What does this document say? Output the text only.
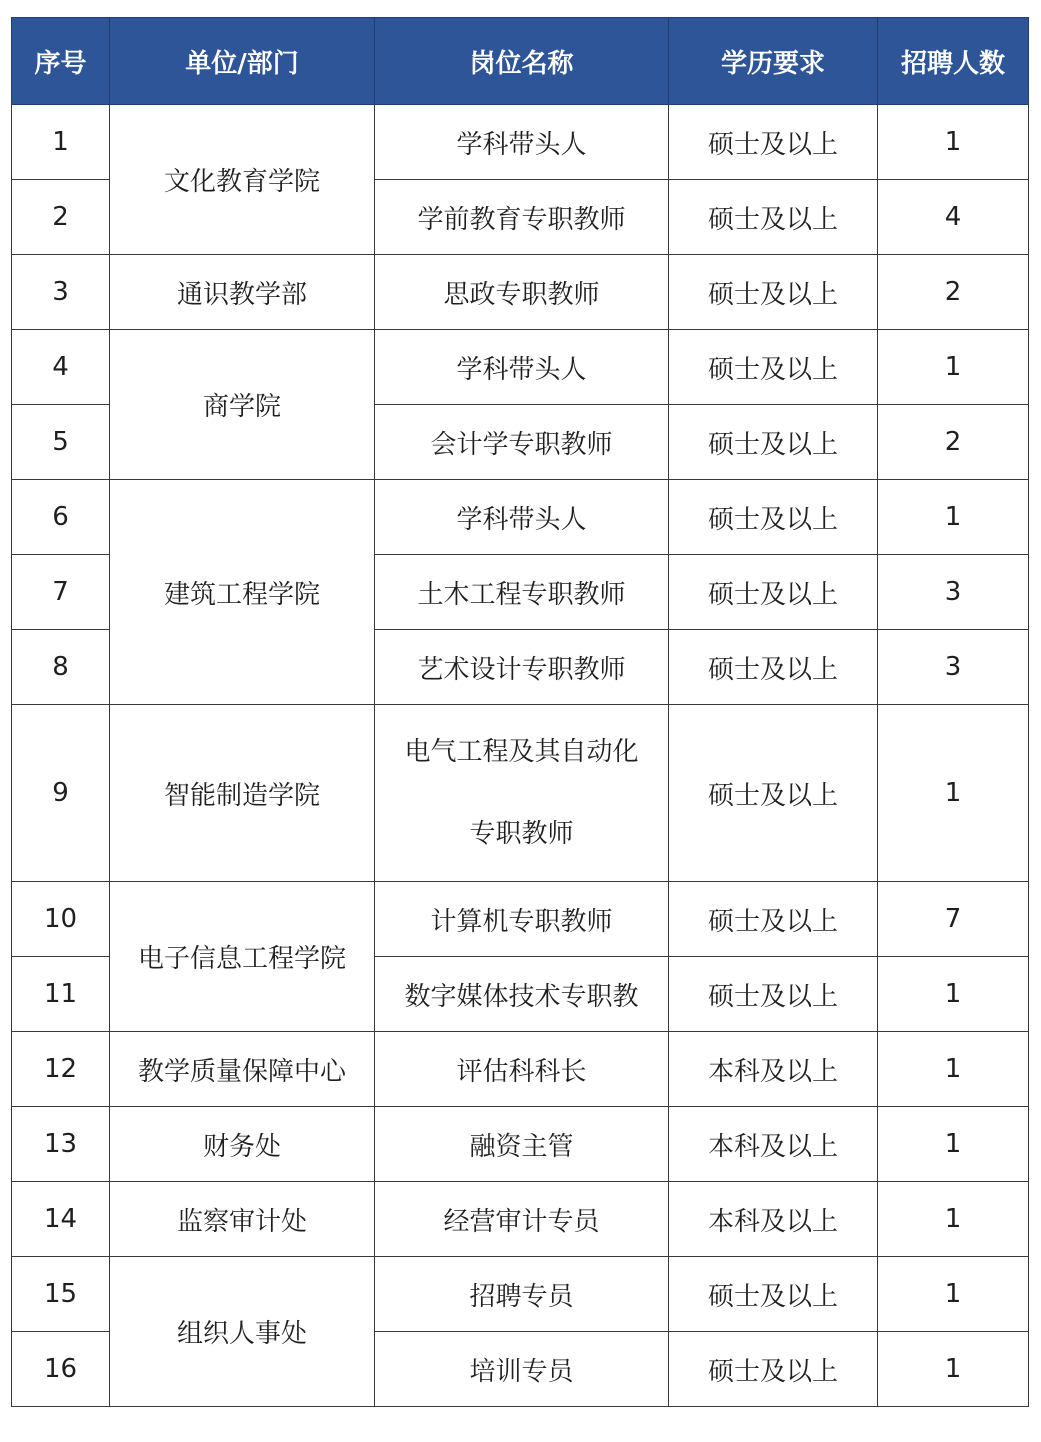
序号	单位/部门	岗位名称	学历要求	招聘人数
1	文化教育学院	学科带头人	硕士及以上	1
2		学前教育专职教师	硕士及以上	4
3	通识教学部	思政专职教师	硕士及以上	2
4	商学院	学科带头人	硕士及以上	1
5		会计学专职教师	硕士及以上	2
6	建筑工程学院	学科带头人	硕士及以上	1
7		土木工程专职教师	硕士及以上	3
8		艺术设计专职教师	硕士及以上	3
9	智能制造学院	电气工程及其自动化
专职教师	硕士及以上	1
10	电子信息工程学院	计算机专职教师	硕士及以上	7
11		数字媒体技术专职教	硕士及以上	1
12	教学质量保障中心	评估科科长	本科及以上	1
13	财务处	融资主管	本科及以上	1
14	监察审计处	经营审计专员	本科及以上	1
15	组织人事处	招聘专员	硕士及以上	1
16		培训专员	硕士及以上	1
